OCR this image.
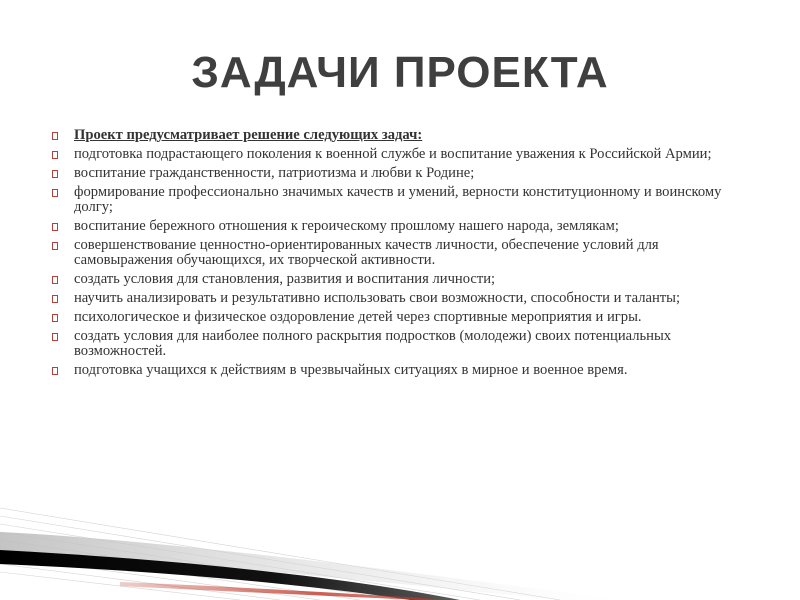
ЗАДАЧИ ПРОЕКТА
Проект предусматривает решение следующих задач:
подготовка подрастающего поколения к военной службе и воспитание уважения к Российской Армии;
воспитание гражданственности, патриотизма и любви к Родине;
формирование профессионально значимых качеств и умений, верности конституционному и воинскому долгу;
воспитание бережного отношения к героическому прошлому нашего народа, землякам;
совершенствование ценностно-ориентированных качеств личности, обеспечение условий для самовыражения обучающихся, их творческой активности.
создать условия для становления, развития и воспитания личности;
научить анализировать и результативно использовать свои возможности, способности и таланты;
психологическое и физическое оздоровление детей через спортивные мероприятия и игры.
создать условия для наиболее полного раскрытия подростков (молодежи) своих потенциальных возможностей.
подготовка учащихся к действиям в чрезвычайных ситуациях в мирное и военное время.
